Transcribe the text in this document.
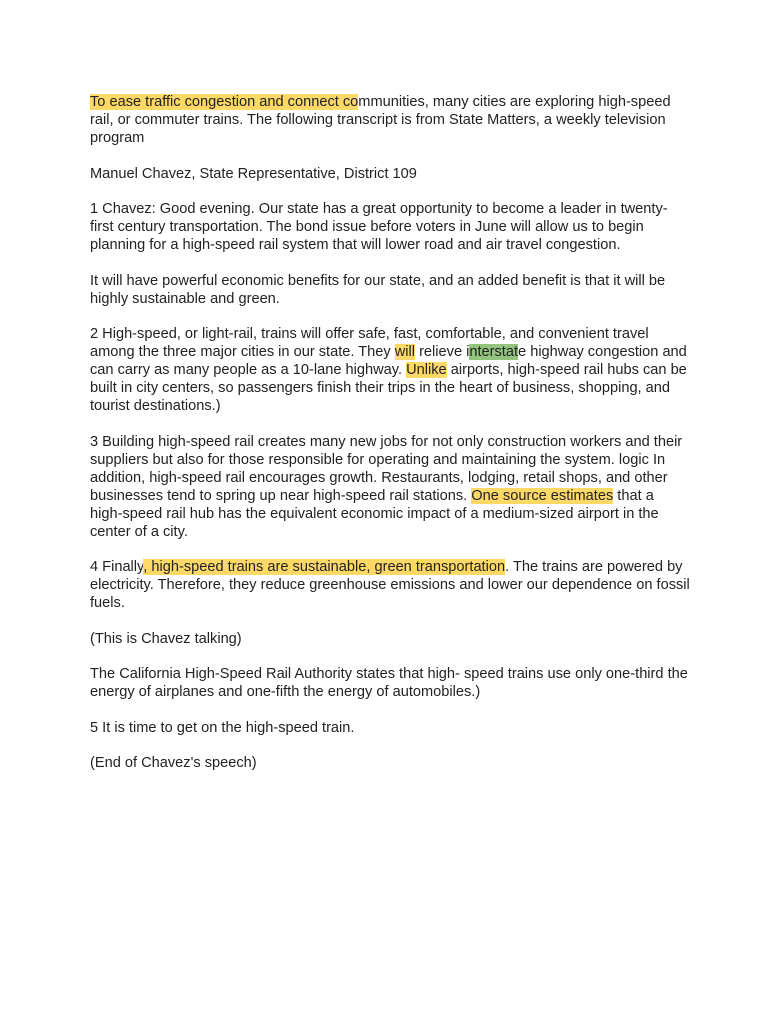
To ease traffic congestion and connect communities, many cities are exploring high-speed rail, or commuter trains. The following transcript is from State Matters, a weekly television program

Manuel Chavez, State Representative, District 109

1 Chavez: Good evening. Our state has a great opportunity to become a leader in twenty-first century transportation. The bond issue before voters in June will allow us to begin planning for a high-speed rail system that will lower road and air travel congestion.

It will have powerful economic benefits for our state, and an added benefit is that it will be highly sustainable and green.

2 High-speed, or light-rail, trains will offer safe, fast, comfortable, and convenient travel among the three major cities in our state. They will relieve interstate highway congestion and can carry as many people as a 10-lane highway. Unlike airports, high-speed rail hubs can be built in city centers, so passengers finish their trips in the heart of business, shopping, and tourist destinations.)

3 Building high-speed rail creates many new jobs for not only construction workers and their suppliers but also for those responsible for operating and maintaining the system. logic In addition, high-speed rail encourages growth. Restaurants, lodging, retail shops, and other businesses tend to spring up near high-speed rail stations. One source estimates that a high-speed rail hub has the equivalent economic impact of a medium-sized airport in the center of a city.

4 Finally, high-speed trains are sustainable, green transportation. The trains are powered by electricity. Therefore, they reduce greenhouse emissions and lower our dependence on fossil fuels.

(This is Chavez talking)

The California High-Speed Rail Authority states that high- speed trains use only one-third the energy of airplanes and one-fifth the energy of automobiles.)

5 It is time to get on the high-speed train.

(End of Chavez's speech)
